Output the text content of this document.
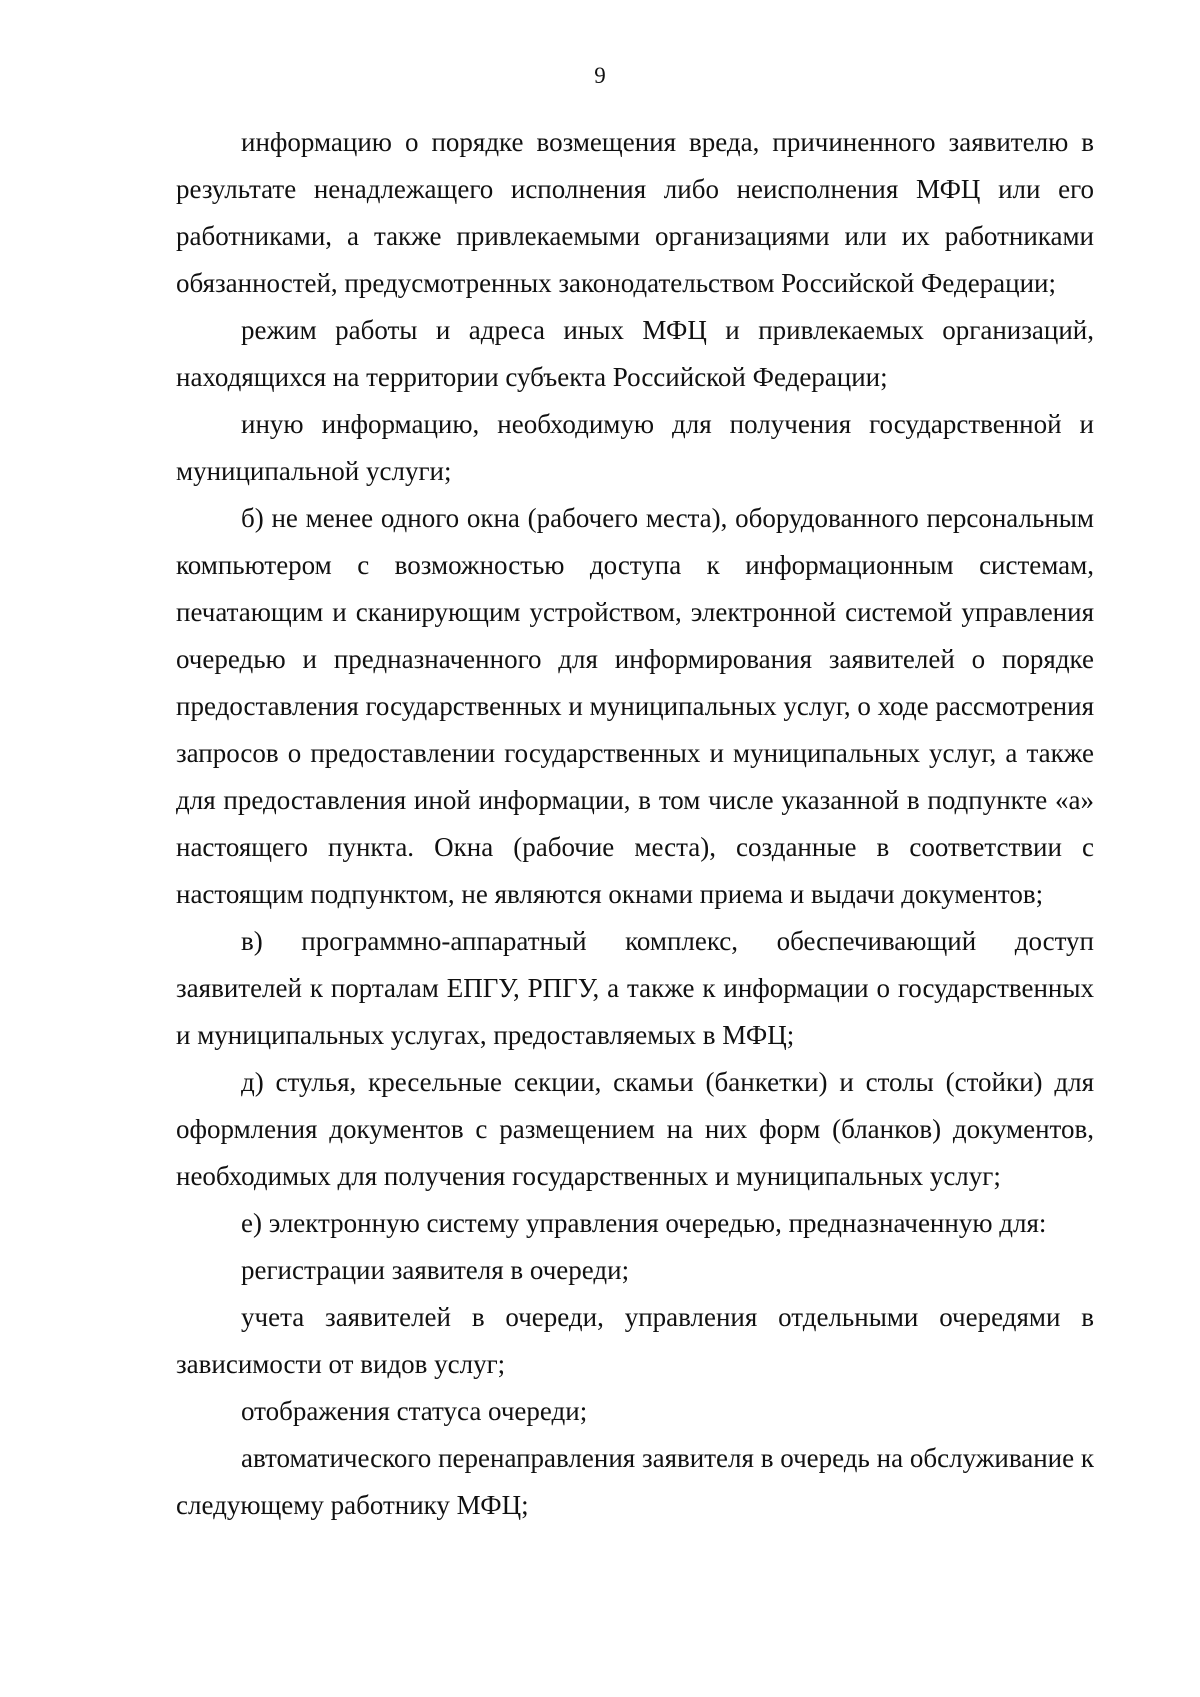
9

информацию о порядке возмещения вреда, причиненного заявителю в результате ненадлежащего исполнения либо неисполнения МФЦ или его работниками, а также привлекаемыми организациями или их работниками обязанностей, предусмотренных законодательством Российской Федерации;

режим работы и адреса иных МФЦ и привлекаемых организаций, находящихся на территории субъекта Российской Федерации;

иную информацию, необходимую для получения государственной и муниципальной услуги;

б) не менее одного окна (рабочего места), оборудованного персональным компьютером с возможностью доступа к информационным системам, печатающим и сканирующим устройством, электронной системой управления очередью и предназначенного для информирования заявителей о порядке предоставления государственных и муниципальных услуг, о ходе рассмотрения запросов о предоставлении государственных и муниципальных услуг, а также для предоставления иной информации, в том числе указанной в подпункте «а» настоящего пункта. Окна (рабочие места), созданные в соответствии с настоящим подпунктом, не являются окнами приема и выдачи документов;

в) программно-аппаратный комплекс, обеспечивающий доступ заявителей к порталам ЕПГУ, РПГУ, а также к информации о государственных и муниципальных услугах, предоставляемых в МФЦ;

д) стулья, кресельные секции, скамьи (банкетки) и столы (стойки) для оформления документов с размещением на них форм (бланков) документов, необходимых для получения государственных и муниципальных услуг;

е) электронную систему управления очередью, предназначенную для:

регистрации заявителя в очереди;

учета заявителей в очереди, управления отдельными очередями в зависимости от видов услуг;

отображения статуса очереди;

автоматического перенаправления заявителя в очередь на обслуживание к следующему работнику МФЦ;
